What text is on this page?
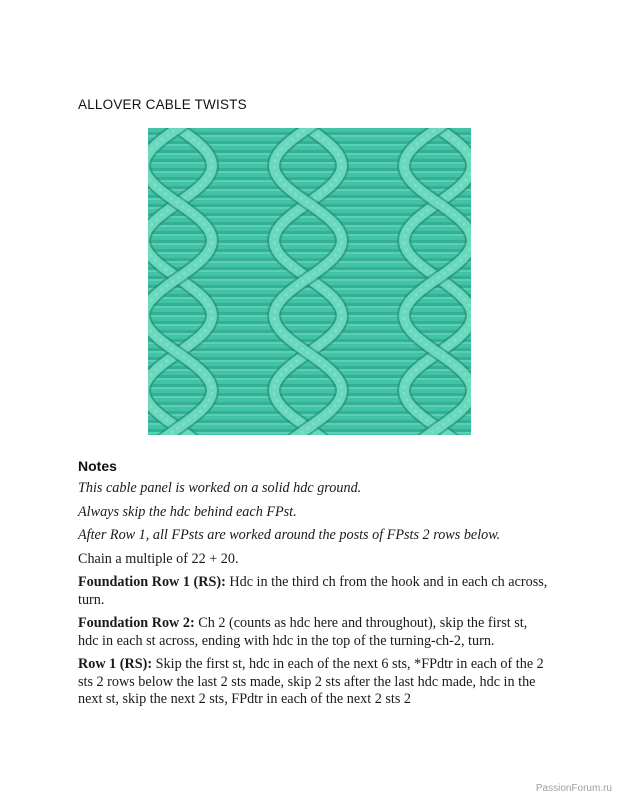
ALLOVER CABLE TWISTS
Notes

This cable panel is worked on a solid hdc ground.

Always skip the hdc behind each FPst.

After Row 1, all FPsts are worked around the posts of FPsts 2 rows below.

Chain a multiple of 22 + 20.

Foundation Row 1 (RS): Hdc in the third ch from the hook and in each ch across, turn.

Foundation Row 2: Ch 2 (counts as hdc here and throughout), skip the first st, hdc in each st across, ending with hdc in the top of the turning-ch-2, turn.

Row 1 (RS): Skip the first st, hdc in each of the next 6 sts, *FPdtr in each of the 2 sts 2 rows below the last 2 sts made, skip 2 sts after the last hdc made, hdc in the next st, skip the next 2 sts, FPdtr in each of the next 2 sts 2

PassionForum.ru
